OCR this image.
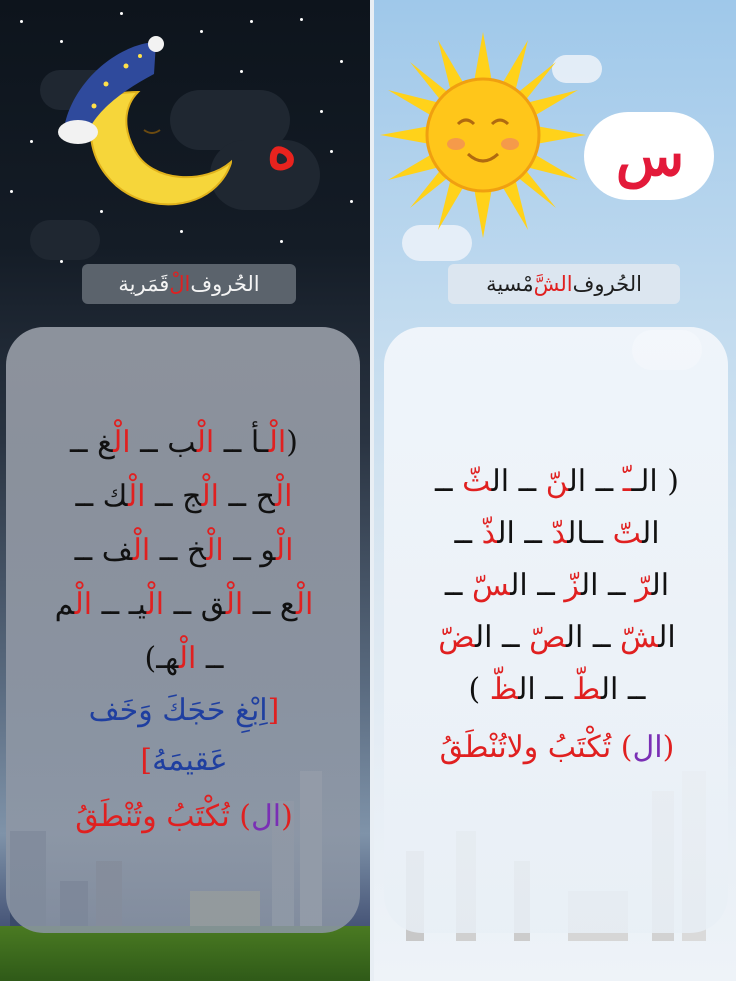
ه	س
الحُروف
الْ
قَمَرية	الحُروف
الشَّ
مْسية
(الْـأ ــ الْب ــ الْغ ــ
الْح ــ الْج ــ الْك ــ
الْو ــ الْخ ــ الْف ــ
الْع ــ الْق ــ الْيـ ــ الْم
ــ الْهـ)
[اِبْغِ حَجَكَ وَخَف
عَقيمَهُ]
(ال) تُكْتَبُ وتُنْطَقُ
( الــّ ــ النّ ــ الثّ ــ
التّ ــالدّ ــ الذّ ــ
الرّ ــ الزّ ــ السّ ــ
الشّ ــ الصّ ــ الضّ
ــ الطّ ــ الظّ )
(ال) تُكْتَبُ ولاتُنْطَقُ
